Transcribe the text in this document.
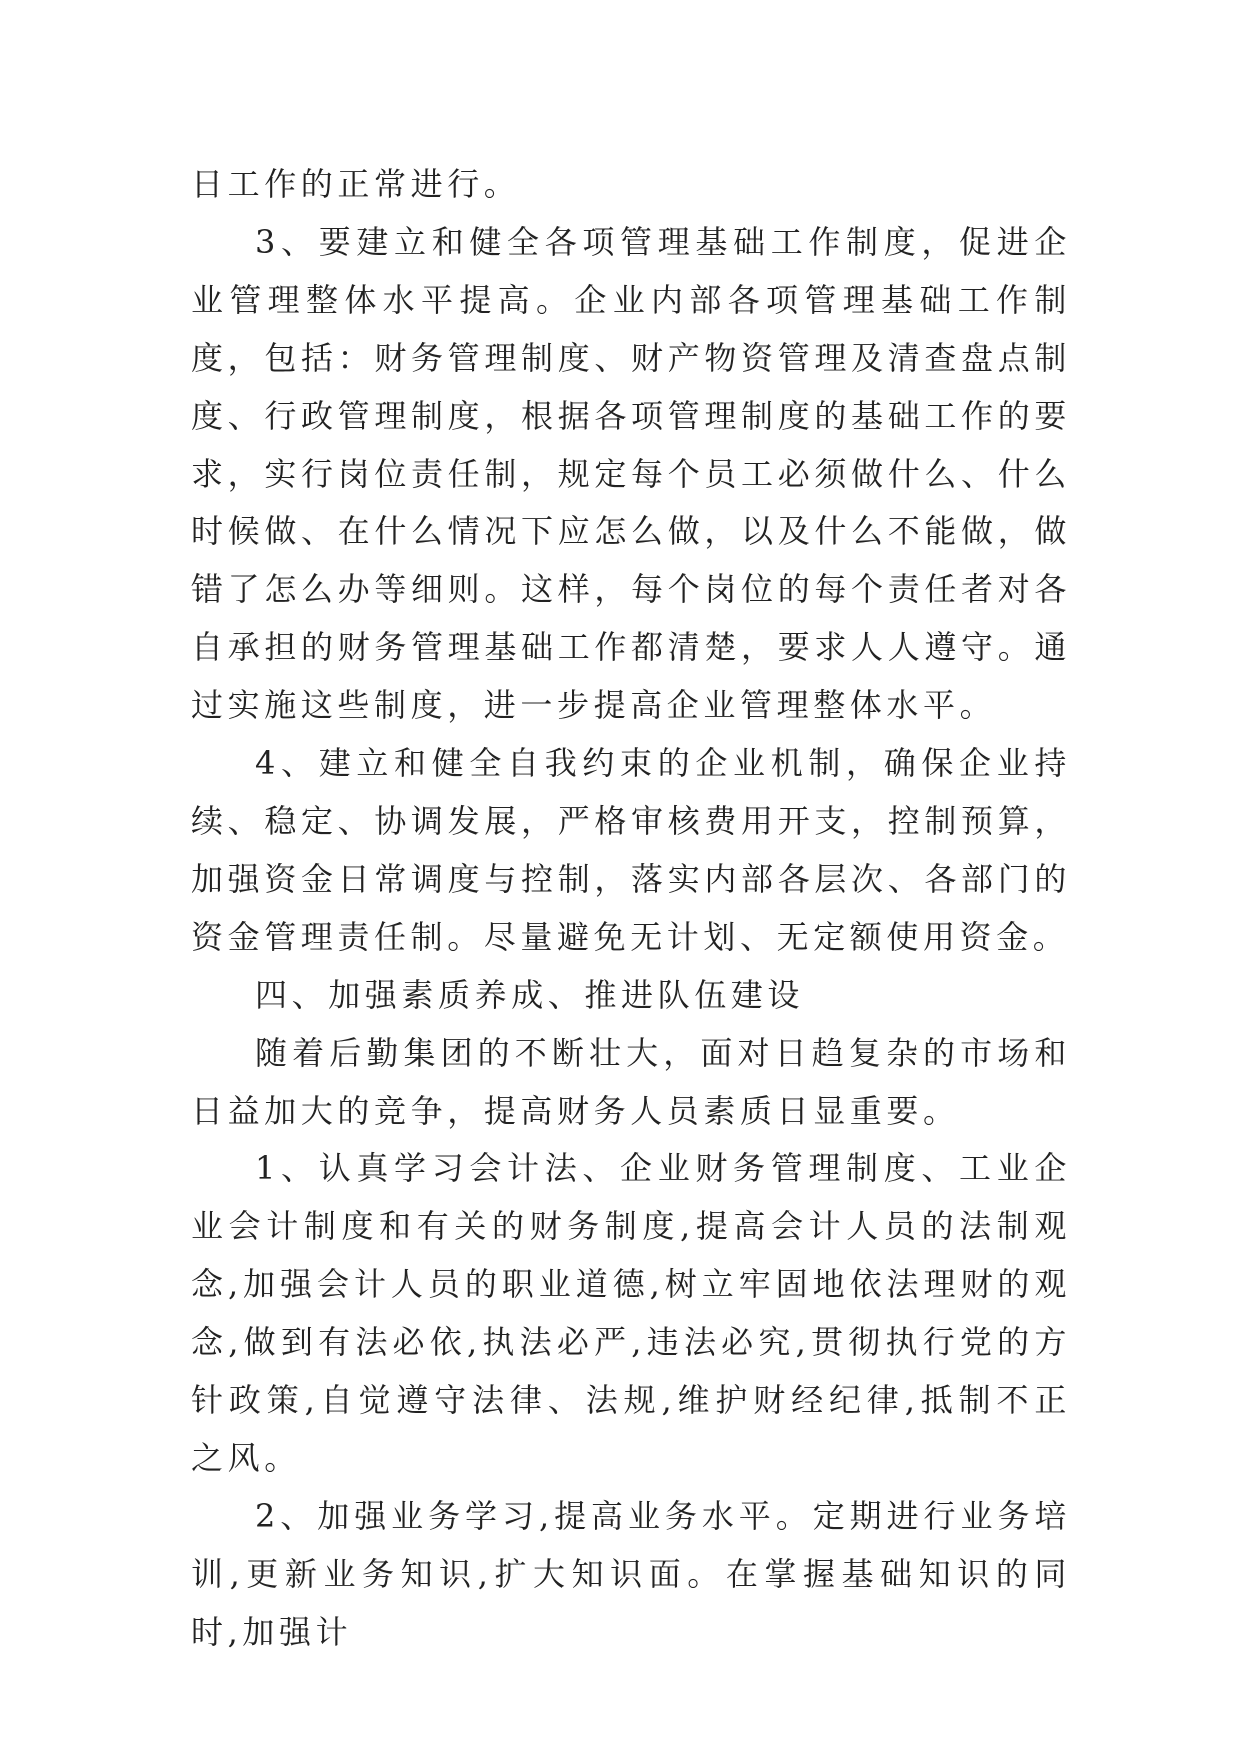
日工作的正常进行。

3、要建立和健全各项管理基础工作制度，促进企业管理整体水平提高。企业内部各项管理基础工作制度，包括：财务管理制度、财产物资管理及清查盘点制度、行政管理制度，根据各项管理制度的基础工作的要求，实行岗位责任制，规定每个员工必须做什么、什么时候做、在什么情况下应怎么做，以及什么不能做，做错了怎么办等细则。这样，每个岗位的每个责任者对各自承担的财务管理基础工作都清楚，要求人人遵守。通过实施这些制度，进一步提高企业管理整体水平。

4、建立和健全自我约束的企业机制，确保企业持续、稳定、协调发展，严格审核费用开支，控制预算，加强资金日常调度与控制，落实内部各层次、各部门的资金管理责任制。尽量避免无计划、无定额使用资金。

四、加强素质养成、推进队伍建设

随着后勤集团的不断壮大，面对日趋复杂的市场和日益加大的竞争，提高财务人员素质日显重要。

1、认真学习会计法、企业财务管理制度、工业企业会计制度和有关的财务制度,提高会计人员的法制观念,加强会计人员的职业道德,树立牢固地依法理财的观念,做到有法必依,执法必严,违法必究,贯彻执行党的方针政策,自觉遵守法律、法规,维护财经纪律,抵制不正之风。

2、加强业务学习,提高业务水平。定期进行业务培训,更新业务知识,扩大知识面。在掌握基础知识的同时,加强计
